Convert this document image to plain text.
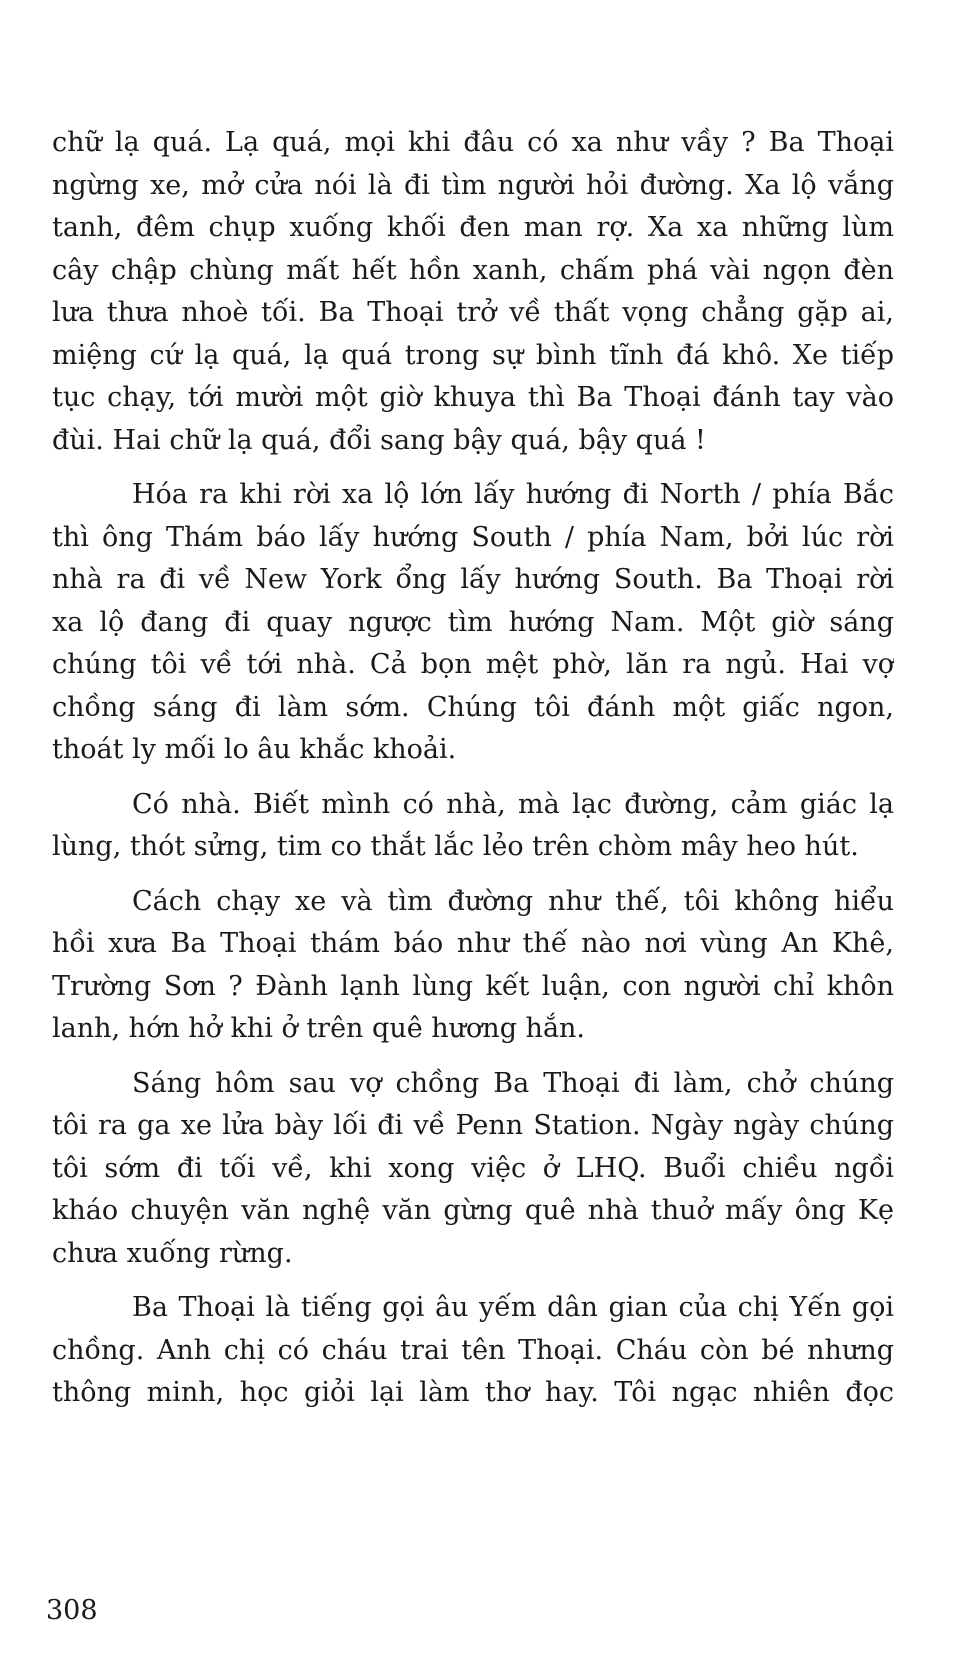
chữ lạ quá. Lạ quá, mọi khi đâu có xa như vầy ? Ba Thoại
ngừng xe, mở cửa nói là đi tìm người hỏi đường. Xa lộ vắng
tanh, đêm chụp xuống khối đen man rợ. Xa xa những lùm
cây chập chùng mất hết hồn xanh, chấm phá vài ngọn đèn
lưa thưa nhoè tối. Ba Thoại trở về thất vọng chẳng gặp ai,
miệng cứ lạ quá, lạ quá trong sự bình tĩnh đá khô. Xe tiếp
tục chạy, tới mười một giờ khuya thì Ba Thoại đánh tay vào
đùi. Hai chữ lạ quá, đổi sang bậy quá, bậy quá !
Hóa ra khi rời xa lộ lớn lấy hướng đi North / phía Bắc
thì ông Thám báo lấy hướng South / phía Nam, bởi lúc rời
nhà ra đi về New York ổng lấy hướng South. Ba Thoại rời
xa lộ đang đi quay ngược tìm hướng Nam. Một giờ sáng
chúng tôi về tới nhà. Cả bọn mệt phờ, lăn ra ngủ. Hai vợ
chồng sáng đi làm sớm. Chúng tôi đánh một giấc ngon,
thoát ly mối lo âu khắc khoải.
Có nhà. Biết mình có nhà, mà lạc đường, cảm giác lạ
lùng, thót sửng, tim co thắt lắc lẻo trên chòm mây heo hút.
Cách chạy xe và tìm đường như thế, tôi không hiểu
hồi xưa Ba Thoại thám báo như thế nào nơi vùng An Khê,
Trường Sơn ? Đành lạnh lùng kết luận, con người chỉ khôn
lanh, hớn hở khi ở trên quê hương hắn.
Sáng hôm sau vợ chồng Ba Thoại đi làm, chở chúng
tôi ra ga xe lửa bày lối đi về Penn Station. Ngày ngày chúng
tôi sớm đi tối về, khi xong việc ở LHQ. Buổi chiều ngồi
kháo chuyện văn nghệ văn gừng quê nhà thuở mấy ông Kẹ
chưa xuống rừng.
Ba Thoại là tiếng gọi âu yếm dân gian của chị Yến gọi
chồng. Anh chị có cháu trai tên Thoại. Cháu còn bé nhưng
thông minh, học giỏi lại làm thơ hay. Tôi ngạc nhiên đọc
308
